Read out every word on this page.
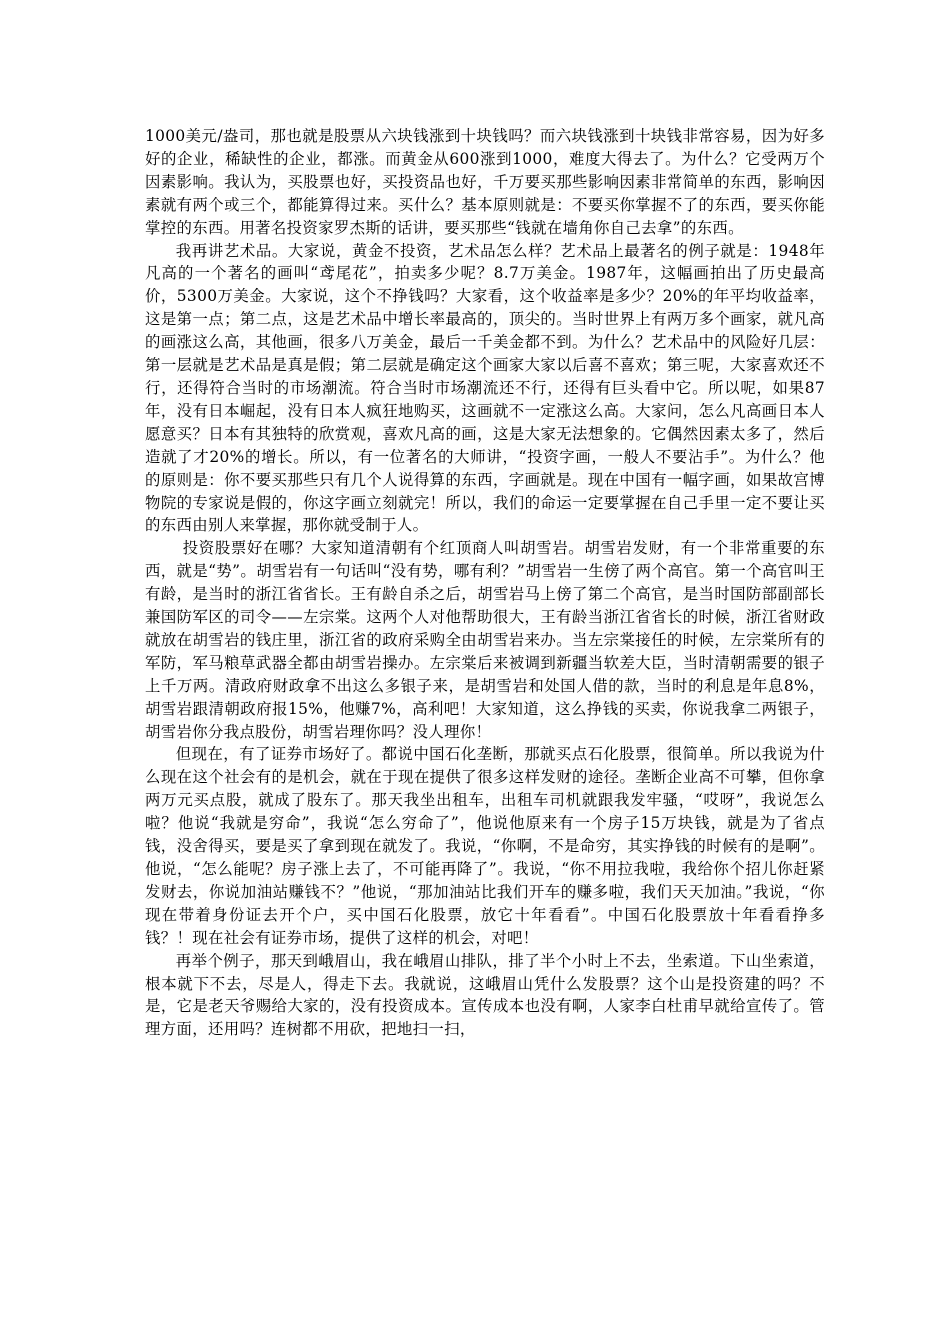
1000美元/盎司，那也就是股票从六块钱涨到十块钱吗？而六块钱涨到十块钱非常容易，因为好多好的企业，稀缺性的企业，都涨。而黄金从600涨到1000，难度大得去了。为什么？它受两万个因素影响。我认为，买股票也好，买投资品也好，千万要买那些影响因素非常简单的东西，影响因素就有两个或三个，都能算得过来。买什么？基本原则就是：不要买你掌握不了的东西，要买你能掌控的东西。用著名投资家罗杰斯的话讲，要买那些“钱就在墙角你自己去拿”的东西。

我再讲艺术品。大家说，黄金不投资，艺术品怎么样？艺术品上最著名的例子就是：1948年凡高的一个著名的画叫“鸢尾花”，拍卖多少呢？8.7万美金。1987年，这幅画拍出了历史最高价，5300万美金。大家说，这个不挣钱吗？大家看，这个收益率是多少？20%的年平均收益率，这是第一点；第二点，这是艺术品中增长率最高的，顶尖的。当时世界上有两万多个画家，就凡高的画涨这么高，其他画，很多八万美金，最后一千美金都不到。为什么？艺术品中的风险好几层：第一层就是艺术品是真是假；第二层就是确定这个画家大家以后喜不喜欢；第三呢，大家喜欢还不行，还得符合当时的市场潮流。符合当时市场潮流还不行，还得有巨头看中它。所以呢，如果87年，没有日本崛起，没有日本人疯狂地购买，这画就不一定涨这么高。大家问，怎么凡高画日本人愿意买？日本有其独特的欣赏观，喜欢凡高的画，这是大家无法想象的。它偶然因素太多了，然后造就了才20%的增长。所以，有一位著名的大师讲，“投资字画，一般人不要沾手”。为什么？他的原则是：你不要买那些只有几个人说得算的东西，字画就是。现在中国有一幅字画，如果故宫博物院的专家说是假的，你这字画立刻就完！所以，我们的命运一定要掌握在自己手里一定不要让买的东西由别人来掌握，那你就受制于人。

投资股票好在哪？大家知道清朝有个红顶商人叫胡雪岩。胡雪岩发财，有一个非常重要的东西，就是“势”。胡雪岩有一句话叫“没有势，哪有利？”胡雪岩一生傍了两个高官。第一个高官叫王有龄，是当时的浙江省省长。王有龄自杀之后，胡雪岩马上傍了第二个高官，是当时国防部副部长兼国防军区的司令——左宗棠。这两个人对他帮助很大，王有龄当浙江省省长的时候，浙江省财政就放在胡雪岩的钱庄里，浙江省的政府采购全由胡雪岩来办。当左宗棠接任的时候，左宗棠所有的军防，军马粮草武器全都由胡雪岩操办。左宗棠后来被调到新疆当软差大臣，当时清朝需要的银子上千万两。清政府财政拿不出这么多银子来，是胡雪岩和处国人借的款，当时的利息是年息8%，胡雪岩跟清朝政府报15%，他赚7%，高利吧！大家知道，这么挣钱的买卖，你说我拿二两银子，胡雪岩你分我点股份，胡雪岩理你吗？没人理你！

但现在，有了证券市场好了。都说中国石化垄断，那就买点石化股票，很简单。所以我说为什么现在这个社会有的是机会，就在于现在提供了很多这样发财的途径。垄断企业高不可攀，但你拿两万元买点股，就成了股东了。那天我坐出租车，出租车司机就跟我发牢骚，“哎呀”，我说怎么啦？他说“我就是穷命”，我说“怎么穷命了”，他说他原来有一个房子15万块钱，就是为了省点钱，没舍得买，要是买了拿到现在就发了。我说，“你啊，不是命穷，其实挣钱的时候有的是啊”。他说，“怎么能呢？房子涨上去了，不可能再降了”。我说，“你不用拉我啦，我给你个招儿你赶紧发财去，你说加油站赚钱不？”他说，“那加油站比我们开车的赚多啦，我们天天加油。”我说，“你现在带着身份证去开个户，买中国石化股票，放它十年看看”。中国石化股票放十年看看挣多钱？！现在社会有证券市场，提供了这样的机会，对吧！

再举个例子，那天到峨眉山，我在峨眉山排队，排了半个小时上不去，坐索道。下山坐索道，根本就下不去，尽是人，得走下去。我就说，这峨眉山凭什么发股票？这个山是投资建的吗？不是，它是老天爷赐给大家的，没有投资成本。宣传成本也没有啊，人家李白杜甫早就给宣传了。管理方面，还用吗？连树都不用砍，把地扫一扫，
